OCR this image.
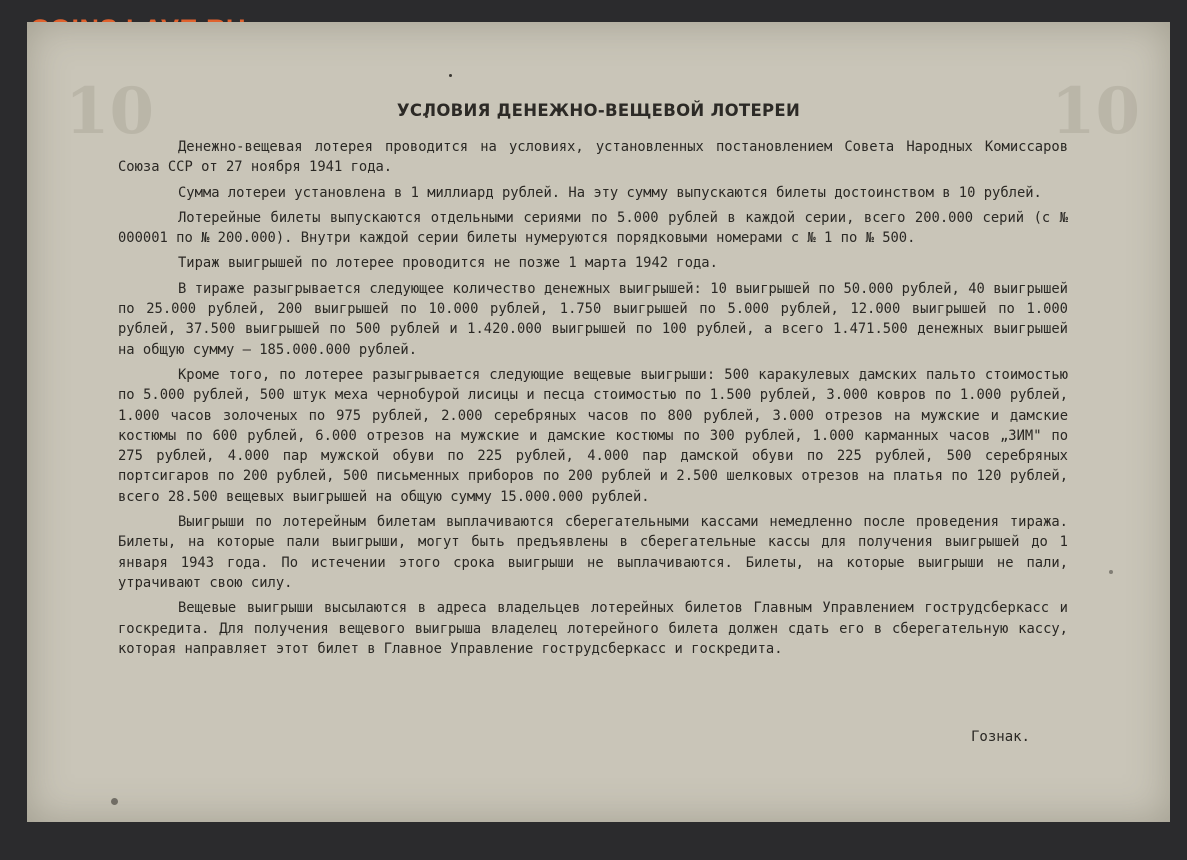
10	10
УСЛОВИЯ ДЕНЕЖНО-ВЕЩЕВОЙ ЛОТЕРЕИ

Денежно-вещевая лотерея проводится на условиях, установленных постановлением Совета Народных Комиссаров Союза ССР от 27 ноября 1941 года.

Сумма лотереи установлена в 1 миллиард рублей. На эту сумму выпускаются билеты достоинством в 10 рублей.

Лотерейные билеты выпускаются отдельными сериями по 5.000 рублей в каждой серии, всего 200.000 серий (с № 000001 по № 200.000). Внутри каждой серии билеты нумеруются порядковыми номерами с № 1 по № 500.

Тираж выигрышей по лотерее проводится не позже 1 марта 1942 года.

В тираже разыгрывается следующее количество денежных выигрышей: 10 выигрышей по 50.000 рублей, 40 выигрышей по 25.000 рублей, 200 выигрышей по 10.000 рублей, 1.750 выигрышей по 5.000 рублей, 12.000 выигрышей по 1.000 рублей, 37.500 выигрышей по 500 рублей и 1.420.000 выигрышей по 100 рублей, а всего 1.471.500 денежных выигрышей на общую сумму — 185.000.000 рублей.

Кроме того, по лотерее разыгрывается следующие вещевые выигрыши: 500 каракулевых дамских пальто стоимостью по 5.000 рублей, 500 штук меха чернобурой лисицы и песца стоимостью по 1.500 рублей, 3.000 ковров по 1.000 рублей, 1.000 часов золоченых по 975 рублей, 2.000 серебряных часов по 800 рублей, 3.000 отрезов на мужские и дамские костюмы по 600 рублей, 6.000 отрезов на мужские и дамские костюмы по 300 рублей, 1.000 карманных часов „ЗИМ" по 275 рублей, 4.000 пар мужской обуви по 225 рублей, 4.000 пар дамской обуви по 225 рублей, 500 серебряных портсигаров по 200 рублей, 500 письменных приборов по 200 рублей и 2.500 шелковых отрезов на платья по 120 рублей, всего 28.500 вещевых выигрышей на общую сумму 15.000.000 рублей.

Выигрыши по лотерейным билетам выплачиваются сберегательными кассами немедленно после проведения тиража. Билеты, на которые пали выигрыши, могут быть предъявлены в сберегательные кассы для получения выигрышей до 1 января 1943 года. По истечении этого срока выигрыши не выплачиваются. Билеты, на которые выигрыши не пали, утрачивают свою силу.

Вещевые выигрыши высылаются в адреса владельцев лотерейных билетов Главным Управлением гострудсберкасс и госкредита. Для получения вещевого выигрыша владелец лотерейного билета должен сдать его в сберегательную кассу, которая направляет этот билет в Главное Управление гострудсберкасс и госкредита.

Гознак.
